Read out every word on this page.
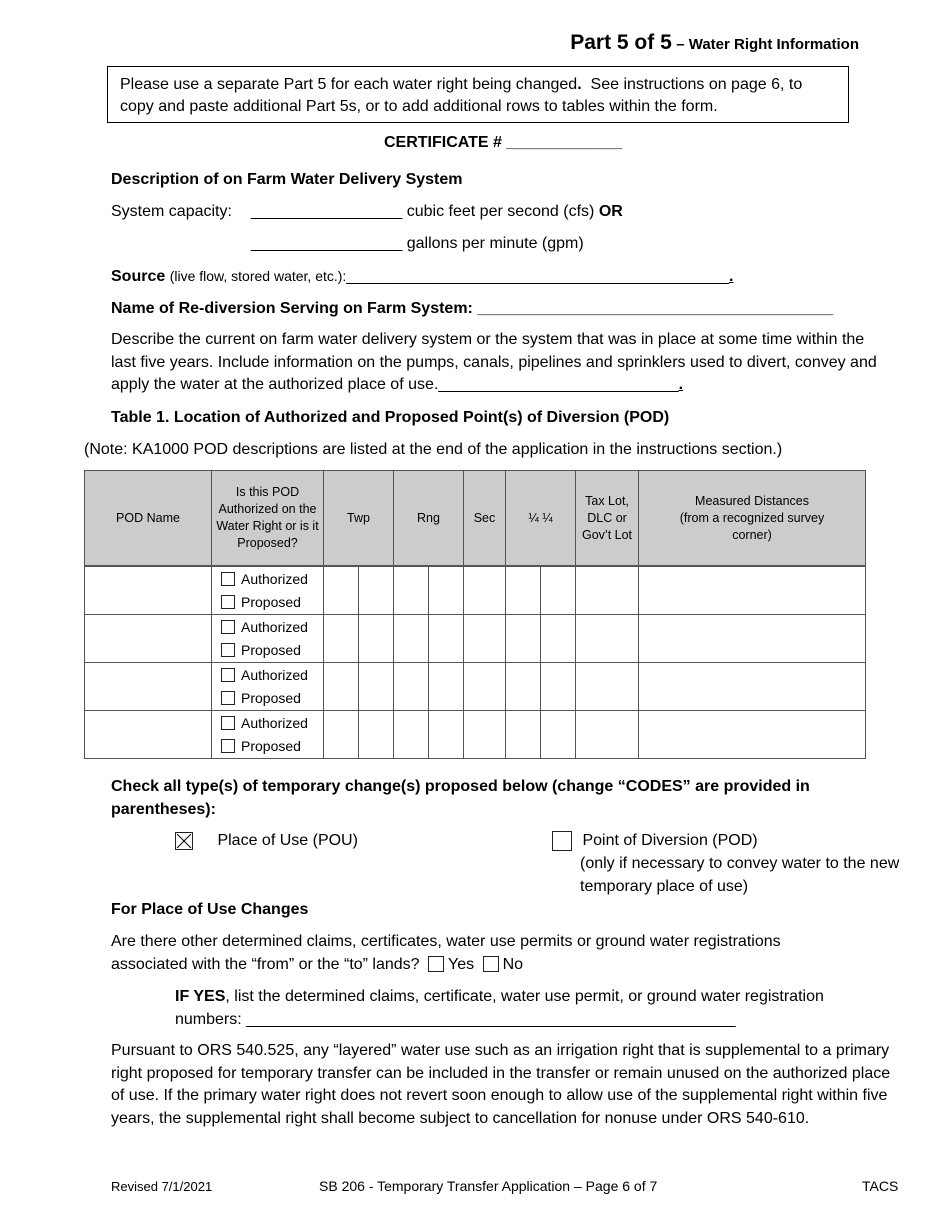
Part 5 of 5 – Water Right Information
Please use a separate Part 5 for each water right being changed. See instructions on page 6, to copy and paste additional Part 5s, or to add additional rows to tables within the form.
CERTIFICATE # _____________
Description of on Farm Water Delivery System
System capacity: _________________ cubic feet per second (cfs) OR
_________________ gallons per minute (gpm)
Source (live flow, stored water, etc.):___________________________________________.
Name of Re-diversion Serving on Farm System: ________________________________________
Describe the current on farm water delivery system or the system that was in place at some time within the last five years. Include information on the pumps, canals, pipelines and sprinklers used to divert, convey and apply the water at the authorized place of use.___________________________.
Table 1. Location of Authorized and Proposed Point(s) of Diversion (POD)
(Note: KA1000 POD descriptions are listed at the end of the application in the instructions section.)
POD Name	Is this POD Authorized on the Water Right or is it Proposed?	Twp		Rng		Sec	¼ ¼		Tax Lot, DLC or Gov’t Lot	Measured Distances (from a recognized survey corner)

	Authorized
Proposed									

	Authorized
Proposed									

	Authorized
Proposed									

	Authorized
Proposed									

Check all type(s) of temporary change(s) proposed below (change “CODES” are provided in parentheses):
Place of Use (POU)	Point of Diversion (POD)
(only if necessary to convey water to the new temporary place of use)
For Place of Use Changes
Are there other determined claims, certificates, water use permits or ground water registrations
associated with the “from” or the “to” lands? Yes No
IF YES, list the determined claims, certificate, water use permit, or ground water registration
numbers: _______________________________________________________
Pursuant to ORS 540.525, any “layered” water use such as an irrigation right that is supplemental to a primary right proposed for temporary transfer can be included in the transfer or remain unused on the authorized place of use. If the primary water right does not revert soon enough to allow use of the supplemental right within five years, the supplemental right shall become subject to cancellation for nonuse under ORS 540-610.
Revised 7/1/2021	SB 206 - Temporary Transfer Application – Page 6 of 7	TACS
